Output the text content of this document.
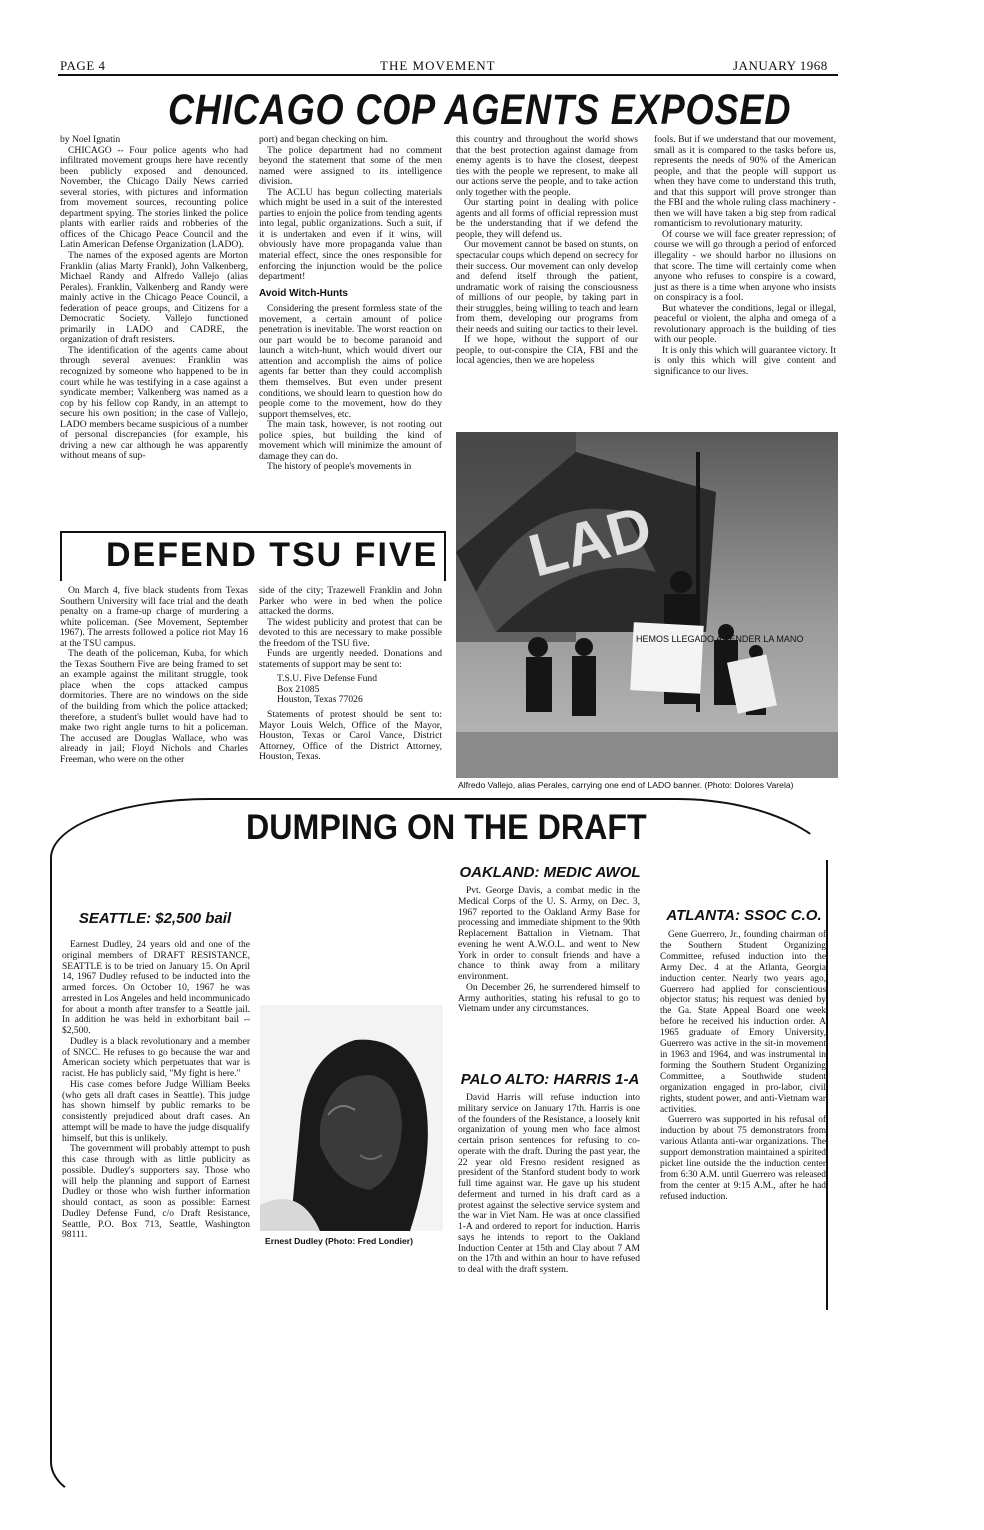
PAGE 4	THE MOVEMENT	JANUARY 1968
CHICAGO COP AGENTS EXPOSED

by Noel Ignatin

CHICAGO -- Four police agents who had infiltrated movement groups here have recently been publicly exposed and denounced. November, the Chicago Daily News carried several stories, with pictures and information from movement sources, recounting police department spying. The stories linked the police plants with earlier raids and robberies of the offices of the Chicago Peace Council and the Latin American Defense Organization (LADO).

The names of the exposed agents are Morton Franklin (alias Marty Frankl), John Valkenberg, Michael Randy and Alfredo Vallejo (alias Perales). Franklin, Valkenberg and Randy were mainly active in the Chicago Peace Council, a federation of peace groups, and Citizens for a Democratic Society. Vallejo functioned primarily in LADO and CADRE, the organization of draft resisters.

The identification of the agents came about through several avenues: Franklin was recognized by someone who happened to be in court while he was testifying in a case against a syndicate member; Valkenberg was named as a cop by his fellow cop Randy, in an attempt to secure his own position; in the case of Vallejo, LADO members became suspicious of a number of personal discrepancies (for example, his driving a new car although he was apparently without means of sup-

port) and began checking on him.

The police department had no comment beyond the statement that some of the men named were assigned to its intelligence division.

The ACLU has begun collecting materials which might be used in a suit of the interested parties to enjoin the police from tending agents into legal, public organizations. Such a suit, if it is undertaken and even if it wins, will obviously have more propaganda value than material effect, since the ones responsible for enforcing the injunction would be the police department!

Avoid Witch-Hunts

Considering the present formless state of the movement, a certain amount of police penetration is inevitable. The worst reaction on our part would be to become paranoid and launch a witch-hunt, which would divert our attention and accomplish the aims of police agents far better than they could accomplish them themselves. But even under present conditions, we should learn to question how do people come to the movement, how do they support themselves, etc.

The main task, however, is not rooting out police spies, but building the kind of movement which will minimize the amount of damage they can do.

The history of people's movements in

this country and throughout the world shows that the best protection against damage from enemy agents is to have the closest, deepest ties with the people we represent, to make all our actions serve the people, and to take action only together with the people.

Our starting point in dealing with police agents and all forms of official repression must be the understanding that if we defend the people, they will defend us.

Our movement cannot be based on stunts, on spectacular coups which depend on secrecy for their success. Our movement can only develop and defend itself through the patient, undramatic work of raising the consciousness of millions of our people, by taking part in their struggles, being willing to teach and learn from them, developing our programs from their needs and suiting our tactics to their level.

If we hope, without the support of our people, to out-conspire the CIA, FBI and the local agencies, then we are hopeless

fools. But if we understand that our movement, small as it is compared to the tasks before us, represents the needs of 90% of the American people, and that the people will support us when they have come to understand this truth, and that this support will prove stronger than the FBI and the whole ruling class machinery - then we will have taken a big step from radical romanticism to revolutionary maturity.

Of course we will face greater repression; of course we will go through a period of enforced illegality - we should harbor no illusions on that score. The time will certainly come when anyone who refuses to conspire is a coward, just as there is a time when anyone who insists on conspiracy is a fool.

But whatever the conditions, legal or illegal, peaceful or violent, the alpha and omega of a revolutionary approach is the building of ties with our people.

It is only this which will guarantee victory. It is only this which will give content and significance to our lives.

LAD
HEMOS LLEGADO A TENDER LA MANO
Alfredo Vallejo, alias Perales, carrying one end of LADO banner. (Photo: Dolores Varela)
DEFEND TSU FIVE

On March 4, five black students from Texas Southern University will face trial and the death penalty on a frame-up charge of murdering a white policeman. (See Movement, September 1967). The arrests followed a police riot May 16 at the TSU campus.

The death of the policeman, Kuba, for which the Texas Southern Five are being framed to set an example against the militant struggle, took place when the cops attacked campus dormitories. There are no windows on the side of the building from which the police attacked; therefore, a student's bullet would have had to make two right angle turns to hit a policeman. The accused are Douglas Wallace, who was already in jail; Floyd Nichols and Charles Freeman, who were on the other

side of the city; Trazewell Franklin and John Parker who were in bed when the police attacked the dorms.

The widest publicity and protest that can be devoted to this are necessary to make possible the freedom of the TSU five.

Funds are urgently needed. Donations and statements of support may be sent to:

T.S.U. Five Defense Fund
Box 21085
Houston, Texas 77026

Statements of protest should be sent to: Mayor Louis Welch, Office of the Mayor, Houston, Texas or Carol Vance, District Attorney, Office of the District Attorney, Houston, Texas.

DUMPING ON THE DRAFT
SEATTLE: $2,500 bail

Earnest Dudley, 24 years old and one of the original members of DRAFT RESISTANCE, SEATTLE is to be tried on January 15. On April 14, 1967 Dudley refused to be inducted into the armed forces. On October 10, 1967 he was arrested in Los Angeles and held incommunicado for about a month after transfer to a Seattle jail. In addition he was held in exhorbitant bail -- $2,500.

Dudley is a black revolutionary and a member of SNCC. He refuses to go because the war and American society which perpetuates that war is racist. He has publicly said, "My fight is here."

His case comes before Judge William Beeks (who gets all draft cases in Seattle). This judge has shown himself by public remarks to be consistently prejudiced about draft cases. An attempt will be made to have the judge disqualify himself, but this is unlikely.

The government will probably attempt to push this case through with as little publicity as possible. Dudley's supporters say. Those who will help the planning and support of Earnest Dudley or those who wish further information should contact, as soon as possible: Earnest Dudley Defense Fund, c/o Draft Resistance, Seattle, P.O. Box 713, Seattle, Washington 98111.

Ernest Dudley (Photo: Fred Londier)
OAKLAND: MEDIC AWOL

Pvt. George Davis, a combat medic in the Medical Corps of the U. S. Army, on Dec. 3, 1967 reported to the Oakland Army Base for processing and immediate shipment to the 90th Replacement Battalion in Vietnam. That evening he went A.W.O.L. and went to New York in order to consult friends and have a chance to think away from a military environment.

On December 26, he surrendered himself to Army authorities, stating his refusal to go to Vietnam under any circumstances.

PALO ALTO: HARRIS 1-A

David Harris will refuse induction into military service on January 17th. Harris is one of the founders of the Resistance, a loosely knit organization of young men who face almost certain prison sentences for refusing to co-operate with the draft. During the past year, the 22 year old Fresno resident resigned as president of the Stanford student body to work full time against war. He gave up his student deferment and turned in his draft card as a protest against the selective service system and the war in Viet Nam. He was at once classified 1-A and ordered to report for induction. Harris says he intends to report to the Oakland Induction Center at 15th and Clay about 7 AM on the 17th and within an hour to have refused to deal with the draft system.

ATLANTA: SSOC C.O.

Gene Guerrero, Jr., founding chairman of the Southern Student Organizing Committee, refused induction into the Army Dec. 4 at the Atlanta, Georgia induction center. Nearly two years ago, Guerrero had applied for conscientious objector status; his request was denied by the Ga. State Appeal Board one week before he received his induction order. A 1965 graduate of Emory University, Guerrero was active in the sit-in movement in 1963 and 1964, and was instrumental in forming the Southern Student Organizing Committee, a Southwide student organization engaged in pro-labor, civil rights, student power, and anti-Vietnam war activities.

Guerrero was supported in his refusal of induction by about 75 demonstrators from various Atlanta anti-war organizations. The support demonstration maintained a spirited picket line outside the the induction center from 6:30 A.M. until Guerrero was released from the center at 9:15 A.M., after he had refused induction.
